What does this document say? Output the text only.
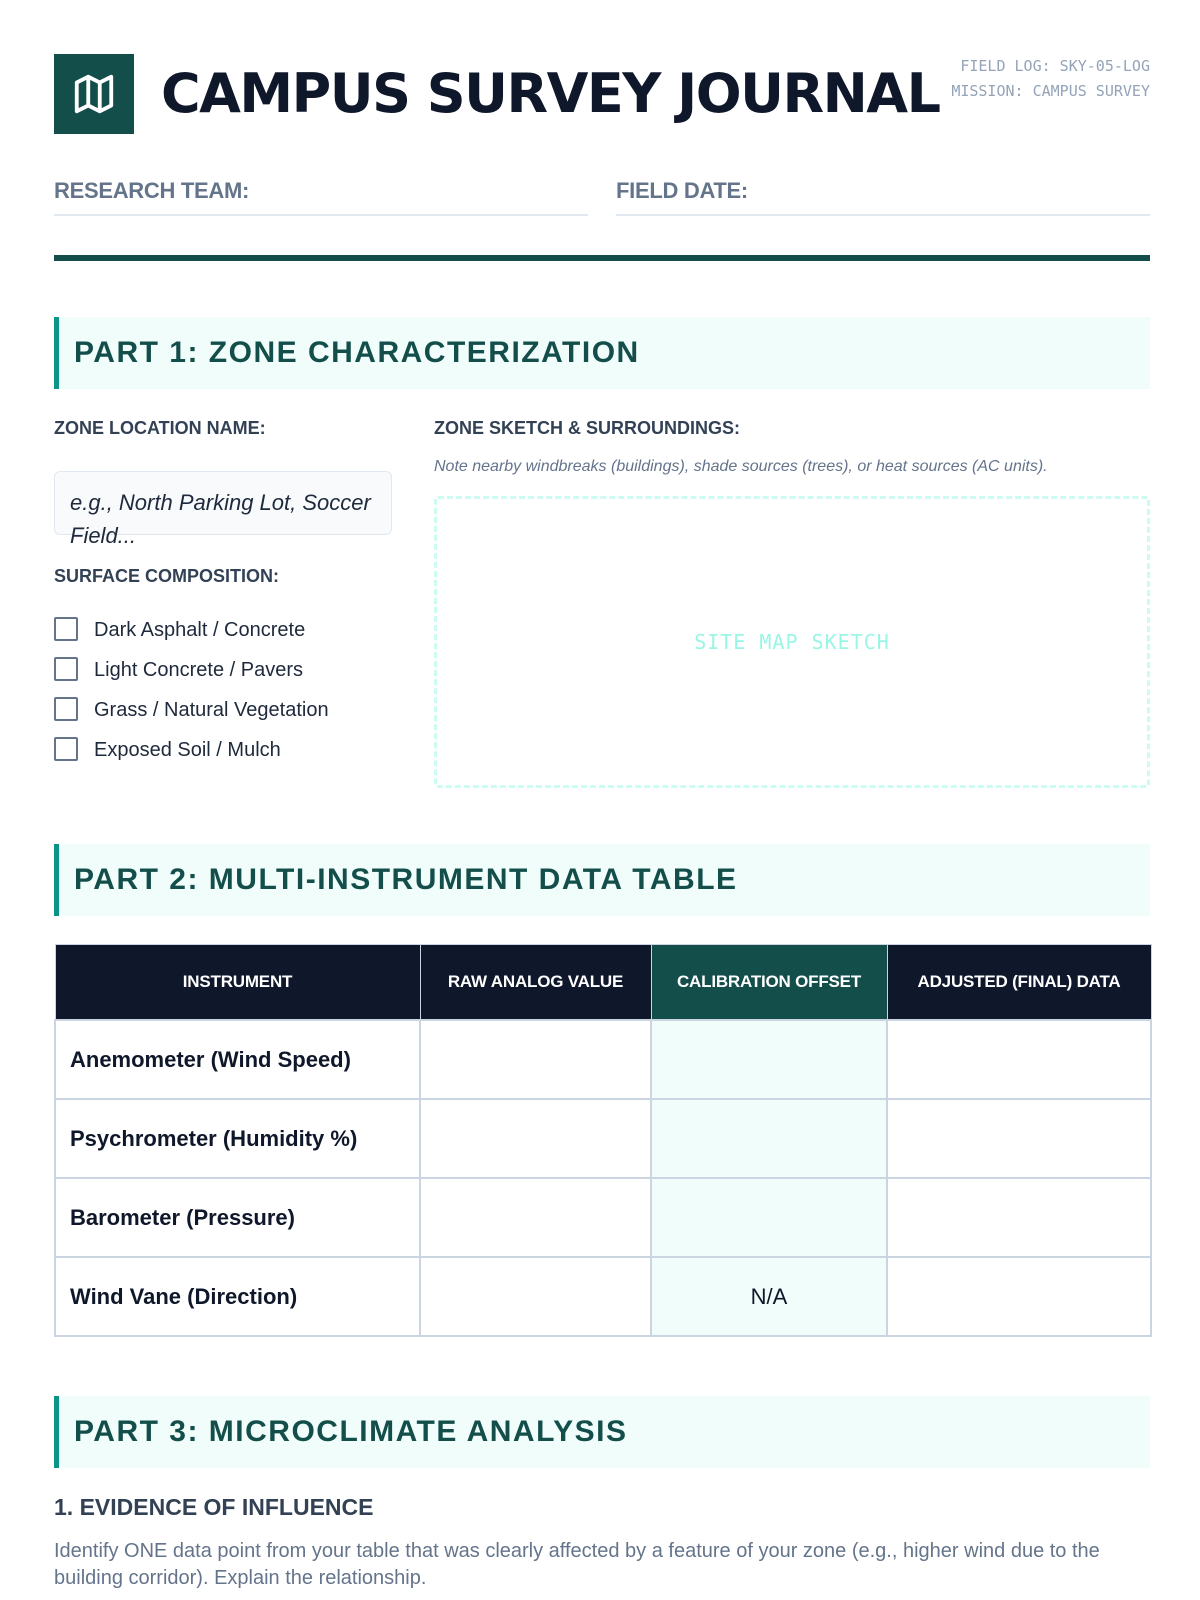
CAMPUS SURVEY JOURNAL	FIELD LOG: SKY-05-LOG
MISSION: CAMPUS SURVEY
RESEARCH TEAM:	FIELD DATE:
PART 1: ZONE CHARACTERIZATION
ZONE LOCATION NAME:
e.g., North Parking Lot, Soccer Field...
SURFACE COMPOSITION:
Dark Asphalt / Concrete
Light Concrete / Pavers
Grass / Natural Vegetation
Exposed Soil / Mulch
ZONE SKETCH & SURROUNDINGS:
Note nearby windbreaks (buildings), shade sources (trees), or heat sources (AC units).
SITE MAP SKETCH
PART 2: MULTI-INSTRUMENT DATA TABLE
INSTRUMENT	RAW ANALOG VALUE	CALIBRATION OFFSET	ADJUSTED (FINAL) DATA
Anemometer (Wind Speed)			
Psychrometer (Humidity %)			
Barometer (Pressure)			
Wind Vane (Direction)		N/A	
PART 3: MICROCLIMATE ANALYSIS
1. EVIDENCE OF INFLUENCE
Identify ONE data point from your table that was clearly affected by a feature of your zone (e.g., higher wind due to the building corridor). Explain the relationship.
